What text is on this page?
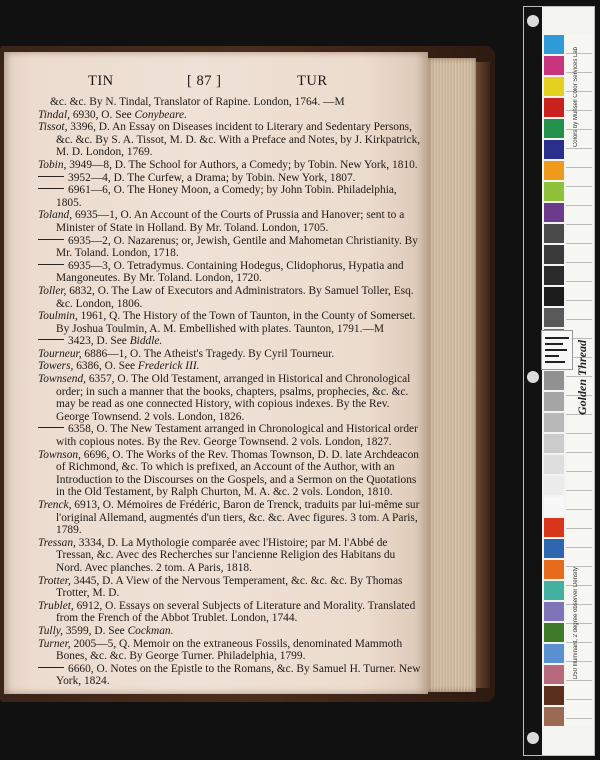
TIN	[ 87 ]	TUR

&c. &c. By N. Tindal, Translator of Rapine. London, 1764. —M

Tindal, 6930, O. See Conybeare.

Tissot, 3396, D. An Essay on Diseases incident to Literary and Sedentary Persons, &c. &c. By S. A. Tissot, M. D. &c. With a Preface and Notes, by J. Kirkpatrick, M. D. London, 1769.

Tobin, 3949—8, D. The School for Authors, a Comedy; by Tobin. New York, 1810.

3952—4, D. The Curfew, a Drama; by Tobin. New York, 1807.

6961—6, O. The Honey Moon, a Comedy; by John Tobin. Philadelphia, 1805.

Toland, 6935—1, O. An Account of the Courts of Prussia and Hanover; sent to a Minister of State in Holland. By Mr. Toland. London, 1705.

6935—2, O. Nazarenus; or, Jewish, Gentile and Mahometan Christianity. By Mr. Toland. London, 1718.

6935—3, O. Tetradymus. Containing Hodegus, Clidophorus, Hypatia and Mangoneutes. By Mr. Toland. London, 1720.

Toller, 6832, O. The Law of Executors and Administrators. By Samuel Toller, Esq. &c. London, 1806.

Toulmin, 1961, Q. The History of the Town of Taunton, in the County of Somerset. By Joshua Toulmin, A. M. Embellished with plates. Taunton, 1791.—M

3423, D. See Biddle.

Tourneur, 6886—1, O. The Atheist's Tragedy. By Cyril Tourneur.

Towers, 6386, O. See Frederick III.

Townsend, 6357, O. The Old Testament, arranged in Historical and Chronological order; in such a manner that the books, chapters, psalms, prophecies, &c. &c. may be read as one connected History, with copious indexes. By the Rev. George Townsend. 2 vols. London, 1826.

6358, O. The New Testament arranged in Chronological and Historical order with copious notes. By the Rev. George Townsend. 2 vols. London, 1827.

Townson, 6696, O. The Works of the Rev. Thomas Townson, D. D. late Archdeacon of Richmond, &c. To which is prefixed, an Account of the Author, with an Introduction to the Discourses on the Gospels, and a Sermon on the Quotations in the Old Testament, by Ralph Churton, M. A. &c. 2 vols. London, 1810.

Trenck, 6913, O. Mémoires de Frédéric, Baron de Trenck, traduits par lui-même sur l'original Allemand, augmentés d'un tiers, &c. &c. Avec figures. 3 tom. A Paris, 1789.

Tressan, 3334, D. La Mythologie comparée avec l'Histoire; par M. l'Abbé de Tressan, &c. Avec des Recherches sur l'ancienne Religion des Habitans du Nord. Avec planches. 2 tom. A Paris, 1818.

Trotter, 3445, D. A View of the Nervous Temperament, &c. &c. &c. By Thomas Trotter, M. D.

Trublet, 6912, O. Essays on several Subjects of Literature and Morality. Translated from the French of the Abbot Trublet. London, 1744.

Tully, 3599, D. See Cockman.

Turner, 2005—5, Q. Memoir on the extraneous Fossils, denominated Mammoth Bones, &c. &c. By George Turner. Philadelphia, 1799.

6660, O. Notes on the Epistle to the Romans, &c. By Samuel H. Turner. New York, 1824.

Colors by Munsell Color Services Lab
D50 Illuminant, 2 degree observer Density
Golden Thread
